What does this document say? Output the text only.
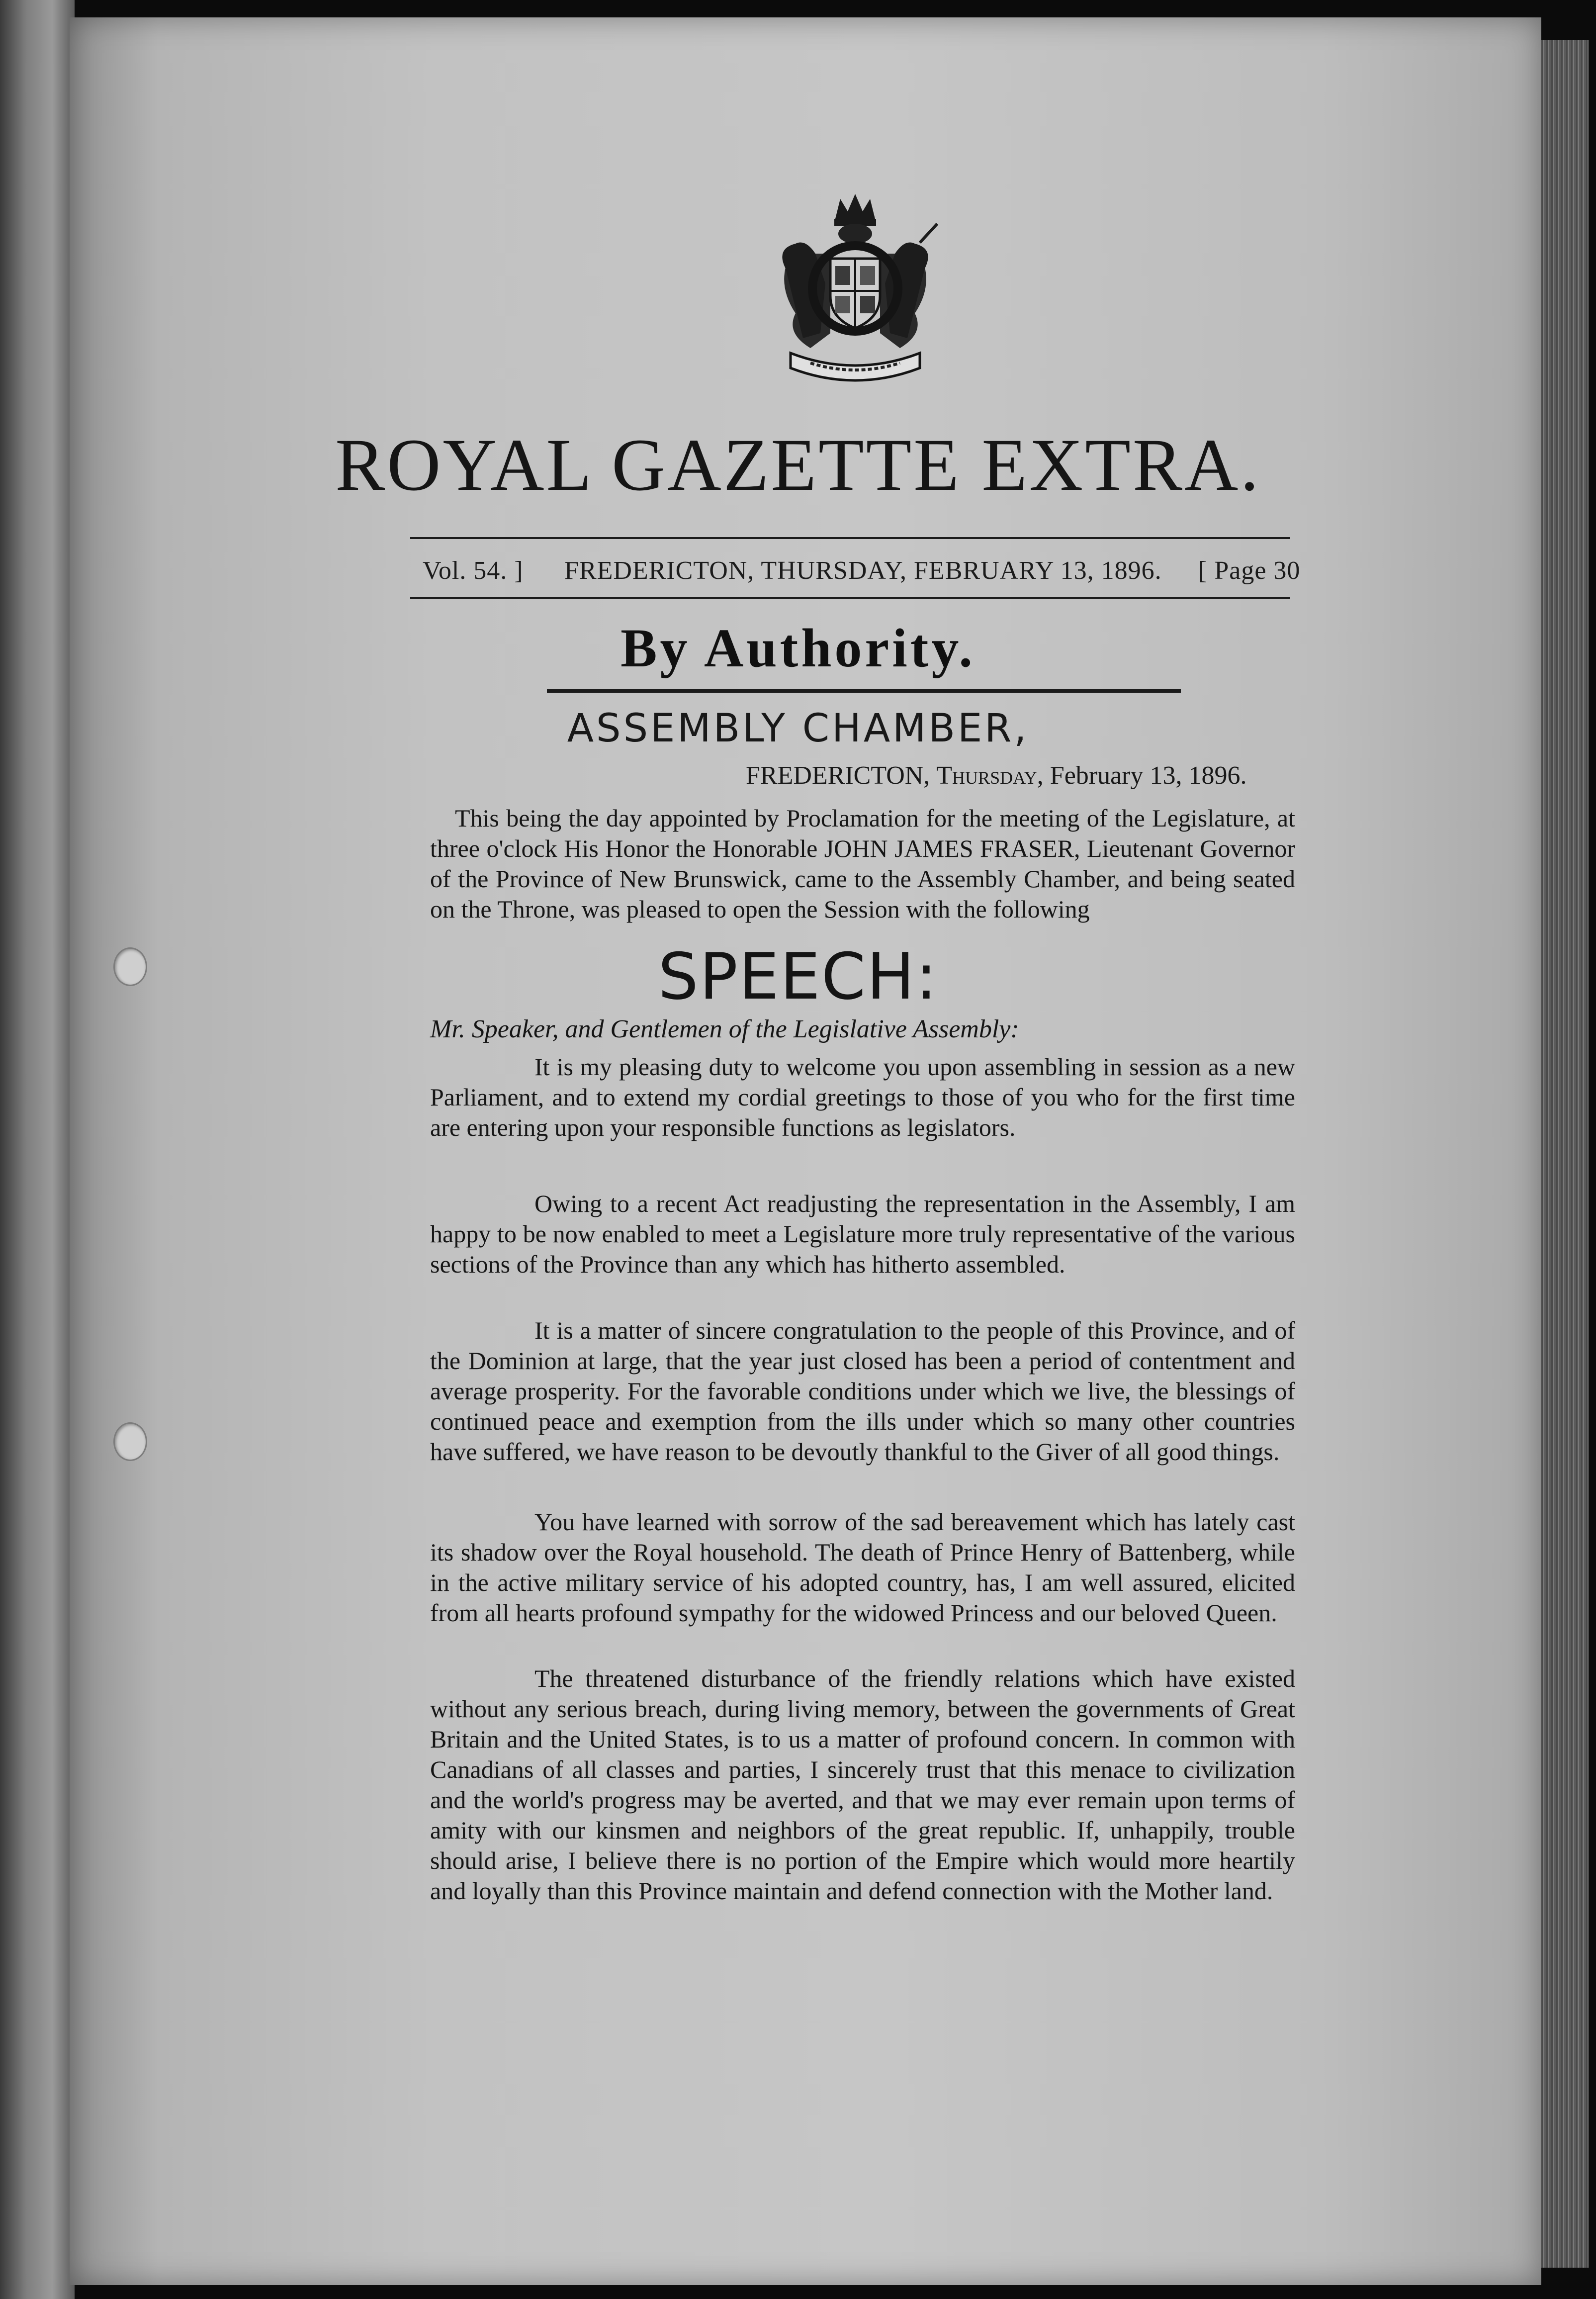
ROYAL GAZETTE EXTRA.
Vol. 54. ] FREDERICTON, THURSDAY, FEBRUARY 13, 1896. [ Page 30
By Authority.
ASSEMBLY CHAMBER,
FREDERICTON, Thursday, February 13, 1896.

This being the day appointed by Proclamation for the meeting of the Legislature, at three o'clock His Honor the Honorable JOHN JAMES FRASER, Lieutenant Governor of the Province of New Brunswick, came to the Assembly Chamber, and being seated on the Throne, was pleased to open the Session with the following

SPEECH:
Mr. Speaker, and Gentlemen of the Legislative Assembly:

It is my pleasing duty to welcome you upon assembling in session as a new Parliament, and to extend my cordial greetings to those of you who for the first time are entering upon your responsible functions as legislators.

Owing to a recent Act readjusting the representation in the Assembly, I am happy to be now enabled to meet a Legislature more truly representative of the various sections of the Province than any which has hitherto assembled.

It is a matter of sincere congratulation to the people of this Province, and of the Dominion at large, that the year just closed has been a period of contentment and average prosperity. For the favorable conditions under which we live, the blessings of continued peace and exemption from the ills under which so many other countries have suffered, we have reason to be devoutly thankful to the Giver of all good things.

You have learned with sorrow of the sad bereavement which has lately cast its shadow over the Royal household. The death of Prince Henry of Battenberg, while in the active military service of his adopted country, has, I am well assured, elicited from all hearts profound sympathy for the widowed Princess and our beloved Queen.

The threatened disturbance of the friendly relations which have existed without any serious breach, during living memory, between the governments of Great Britain and the United States, is to us a matter of profound concern. In common with Canadians of all classes and parties, I sincerely trust that this menace to civilization and the world's progress may be averted, and that we may ever remain upon terms of amity with our kinsmen and neighbors of the great republic. If, unhappily, trouble should arise, I believe there is no portion of the Empire which would more heartily and loyally than this Province maintain and defend connection with the Mother land.
